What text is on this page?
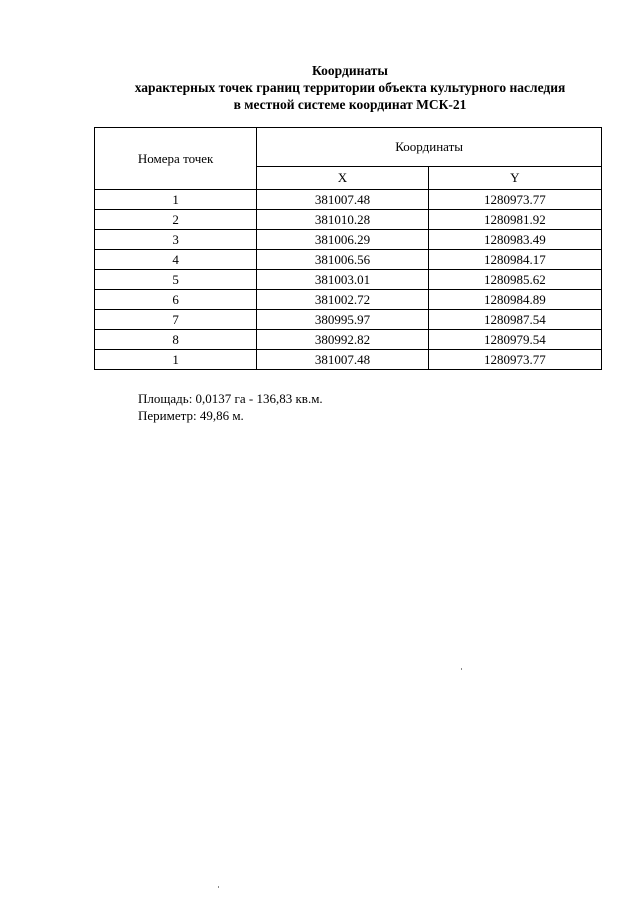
Координаты
характерных точек границ территории объекта культурного наследия
в местной системе координат МСК-21
Номера точек	Координаты	
	X	Y
1	381007.48	1280973.77
2	381010.28	1280981.92
3	381006.29	1280983.49
4	381006.56	1280984.17
5	381003.01	1280985.62
6	381002.72	1280984.89
7	380995.97	1280987.54
8	380992.82	1280979.54
1	381007.48	1280973.77
Площадь: 0,0137 га - 136,83 кв.м.
Периметр: 49,86 м.
